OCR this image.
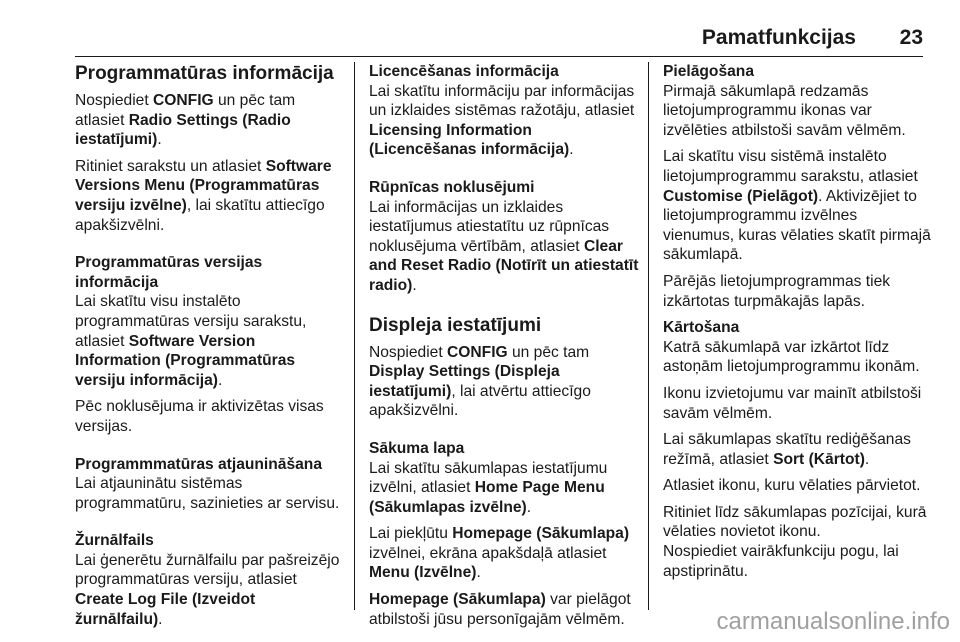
Pamatfunkcijas 23
Programmatūras informācija

Nospiediet CONFIG un pēc tam atlasiet Radio Settings (Radio iestatījumi).

Ritiniet sarakstu un atlasiet Software Versions Menu (Programmatūras versiju izvēlne), lai skatītu attiecīgo apakšizvēlni.

Programmatūras versijas informācija

Lai skatītu visu instalēto programmatūras versiju sarakstu, atlasiet Software Version Information (Programmatūras versiju informācija).

Pēc noklusējuma ir aktivizētas visas versijas.

Programmmatūras atjaunināšana

Lai atjauninātu sistēmas programmatūru, sazinieties ar servisu.

Žurnālfails

Lai ģenerētu žurnālfailu par pašreizējo programmatūras versiju, atlasiet Create Log File (Izveidot žurnālfailu).

Licencēšanas informācija

Lai skatītu informāciju par informācijas un izklaides sistēmas ražotāju, atlasiet Licensing Information (Licencēšanas informācija).

Rūpnīcas noklusējumi

Lai informācijas un izklaides iestatījumus atiestatītu uz rūpnīcas noklusējuma vērtībām, atlasiet Clear and Reset Radio (Notīrīt un atiestatīt radio).

Displeja iestatījumi

Nospiediet CONFIG un pēc tam Display Settings (Displeja iestatījumi), lai atvērtu attiecīgo apakšizvēlni.

Sākuma lapa

Lai skatītu sākumlapas iestatījumu izvēlni, atlasiet Home Page Menu (Sākumlapas izvēlne).

Lai piekļūtu Homepage (Sākumlapa) izvēlnei, ekrāna apakšdaļā atlasiet Menu (Izvēlne).

Homepage (Sākumlapa) var pielāgot atbilstoši jūsu personīgajām vēlmēm.

Pielāgošana

Pirmajā sākumlapā redzamās lietojumprogrammu ikonas var izvēlēties atbilstoši savām vēlmēm.

Lai skatītu visu sistēmā instalēto lietojumprogrammu sarakstu, atlasiet Customise (Pielāgot). Aktivizējiet to lietojumprogrammu izvēlnes vienumus, kuras vēlaties skatīt pirmajā sākumlapā.

Pārējās lietojumprogrammas tiek izkārtotas turpmākajās lapās.

Kārtošana

Katrā sākumlapā var izkārtot līdz astoņām lietojumprogrammu ikonām.

Ikonu izvietojumu var mainīt atbilstoši savām vēlmēm.

Lai sākumlapas skatītu rediģēšanas režīmā, atlasiet Sort (Kārtot).

Atlasiet ikonu, kuru vēlaties pārvietot.

Ritiniet līdz sākumlapas pozīcijai, kurā vēlaties novietot ikonu.

Nospiediet vairākfunkciju pogu, lai apstiprinātu.

carmanualsonline.info
